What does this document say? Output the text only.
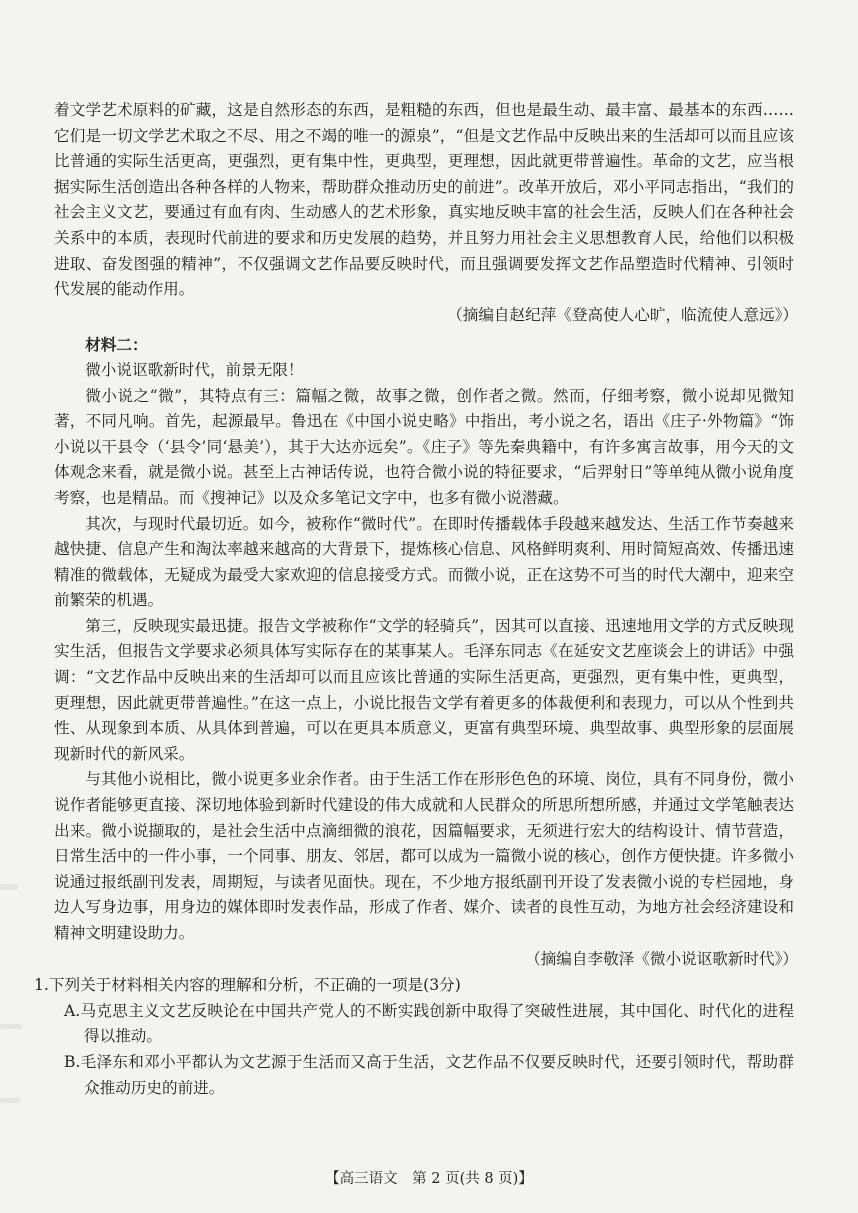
着文学艺术原料的矿藏，这是自然形态的东西，是粗糙的东西，但也是最生动、最丰富、最基本的东西……它们是一切文学艺术取之不尽、用之不竭的唯一的源泉”，“但是文艺作品中反映出来的生活却可以而且应该比普通的实际生活更高，更强烈，更有集中性，更典型，更理想，因此就更带普遍性。革命的文艺，应当根据实际生活创造出各种各样的人物来，帮助群众推动历史的前进”。改革开放后，邓小平同志指出，“我们的社会主义文艺，要通过有血有肉、生动感人的艺术形象，真实地反映丰富的社会生活，反映人们在各种社会关系中的本质，表现时代前进的要求和历史发展的趋势，并且努力用社会主义思想教育人民，给他们以积极进取、奋发图强的精神”，不仅强调文艺作品要反映时代，而且强调要发挥文艺作品塑造时代精神、引领时代发展的能动作用。

（摘编自赵纪萍《登高使人心旷，临流使人意远》）

材料二：

微小说讴歌新时代，前景无限！

微小说之“微”，其特点有三：篇幅之微，故事之微，创作者之微。然而，仔细考察，微小说却见微知著，不同凡响。首先，起源最早。鲁迅在《中国小说史略》中指出，考小说之名，语出《庄子·外物篇》“饰小说以干县令（‘县令’同‘悬美’），其于大达亦远矣”。《庄子》等先秦典籍中，有许多寓言故事，用今天的文体观念来看，就是微小说。甚至上古神话传说，也符合微小说的特征要求，“后羿射日”等单纯从微小说角度考察，也是精品。而《搜神记》以及众多笔记文字中，也多有微小说潜藏。

其次，与现时代最切近。如今，被称作“微时代”。在即时传播载体手段越来越发达、生活工作节奏越来越快捷、信息产生和淘汰率越来越高的大背景下，提炼核心信息、风格鲜明爽利、用时简短高效、传播迅速精准的微载体，无疑成为最受大家欢迎的信息接受方式。而微小说，正在这势不可当的时代大潮中，迎来空前繁荣的机遇。

第三，反映现实最迅捷。报告文学被称作“文学的轻骑兵”，因其可以直接、迅速地用文学的方式反映现实生活，但报告文学要求必须具体写实际存在的某事某人。毛泽东同志《在延安文艺座谈会上的讲话》中强调：“文艺作品中反映出来的生活却可以而且应该比普通的实际生活更高，更强烈，更有集中性，更典型，更理想，因此就更带普遍性。”在这一点上，小说比报告文学有着更多的体裁便利和表现力，可以从个性到共性、从现象到本质、从具体到普遍，可以在更具本质意义，更富有典型环境、典型故事、典型形象的层面展现新时代的新风采。

与其他小说相比，微小说更多业余作者。由于生活工作在形形色色的环境、岗位，具有不同身份，微小说作者能够更直接、深切地体验到新时代建设的伟大成就和人民群众的所思所想所感，并通过文学笔触表达出来。微小说撷取的，是社会生活中点滴细微的浪花，因篇幅要求，无须进行宏大的结构设计、情节营造，日常生活中的一件小事，一个同事、朋友、邻居，都可以成为一篇微小说的核心，创作方便快捷。许多微小说通过报纸副刊发表，周期短，与读者见面快。现在，不少地方报纸副刊开设了发表微小说的专栏园地，身边人写身边事，用身边的媒体即时发表作品，形成了作者、媒介、读者的良性互动，为地方社会经济建设和精神文明建设助力。

（摘编自李敬泽《微小说讴歌新时代》）

1.下列关于材料相关内容的理解和分析，不正确的一项是(3分)

A.马克思主义文艺反映论在中国共产党人的不断实践创新中取得了突破性进展，其中国化、时代化的进程得以推动。

B.毛泽东和邓小平都认为文艺源于生活而又高于生活，文艺作品不仅要反映时代，还要引领时代，帮助群众推动历史的前进。

【高三语文　第 2 页(共 8 页)】
